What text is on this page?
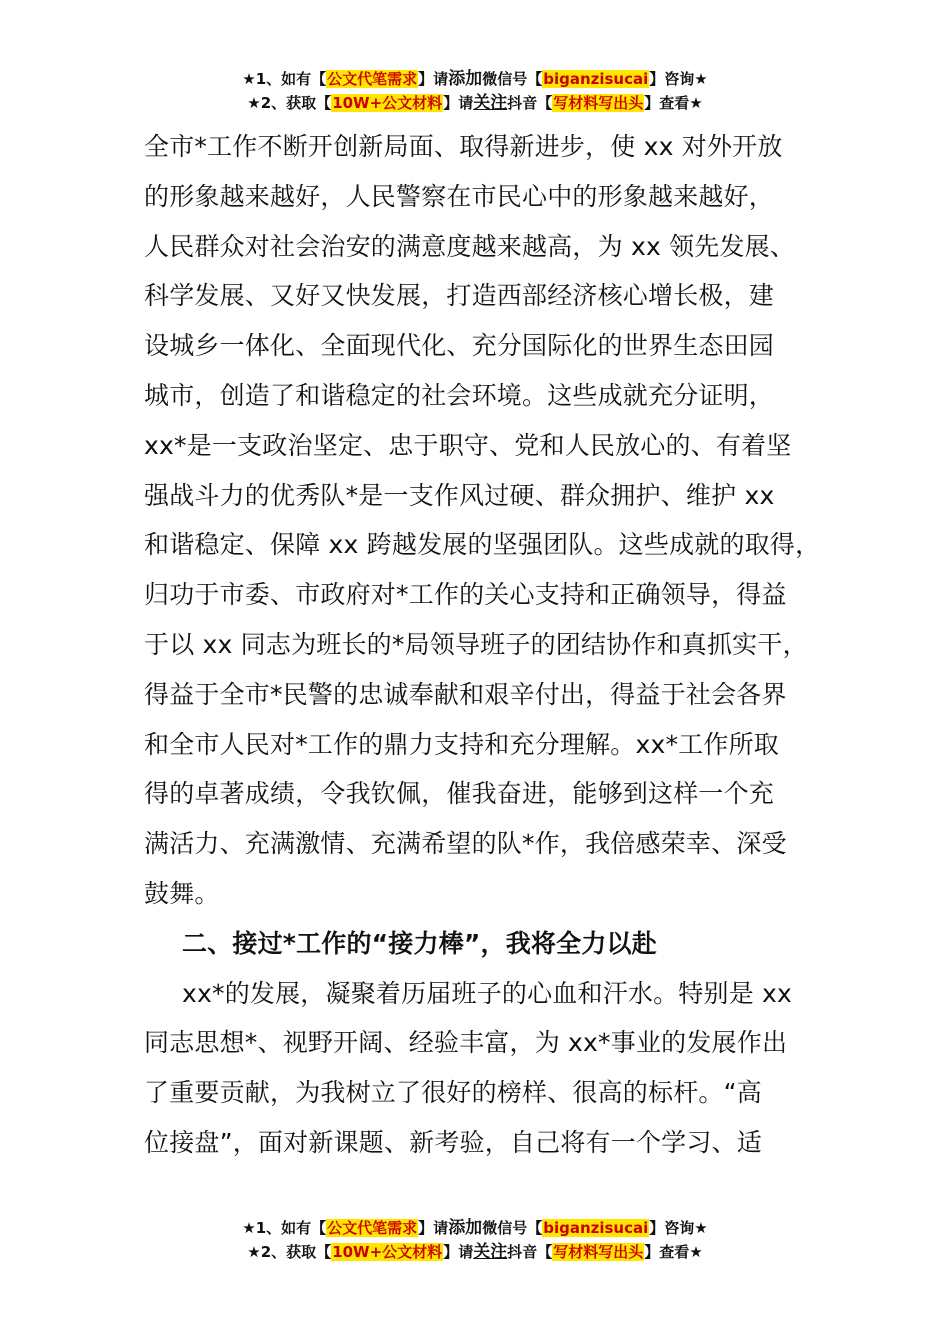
★1、如有【公文代笔需求】请添加微信号【biganzisucai】咨询★
★2、获取【10W+公文材料】请关注抖音【写材料写出头】查看★
全市*工作不断开创新局面、取得新进步，使 xx 对外开放
的形象越来越好，人民警察在市民心中的形象越来越好，
人民群众对社会治安的满意度越来越高，为 xx 领先发展、
科学发展、又好又快发展，打造西部经济核心增长极，建
设城乡一体化、全面现代化、充分国际化的世界生态田园
城市，创造了和谐稳定的社会环境。这些成就充分证明，
xx*是一支政治坚定、忠于职守、党和人民放心的、有着坚
强战斗力的优秀队*是一支作风过硬、群众拥护、维护 xx
和谐稳定、保障 xx 跨越发展的坚强团队。这些成就的取得，
归功于市委、市政府对*工作的关心支持和正确领导，得益
于以 xx 同志为班长的*局领导班子的团结协作和真抓实干，
得益于全市*民警的忠诚奉献和艰辛付出，得益于社会各界
和全市人民对*工作的鼎力支持和充分理解。xx*工作所取
得的卓著成绩，令我钦佩，催我奋进，能够到这样一个充
满活力、充满激情、充满希望的队*作，我倍感荣幸、深受
鼓舞。
二、接过*工作的“接力棒”，我将全力以赴
xx*的发展，凝聚着历届班子的心血和汗水。特别是 xx
同志思想*、视野开阔、经验丰富，为 xx*事业的发展作出
了重要贡献，为我树立了很好的榜样、很高的标杆。“高
位接盘”，面对新课题、新考验，自己将有一个学习、适
★1、如有【公文代笔需求】请添加微信号【biganzisucai】咨询★
★2、获取【10W+公文材料】请关注抖音【写材料写出头】查看★
